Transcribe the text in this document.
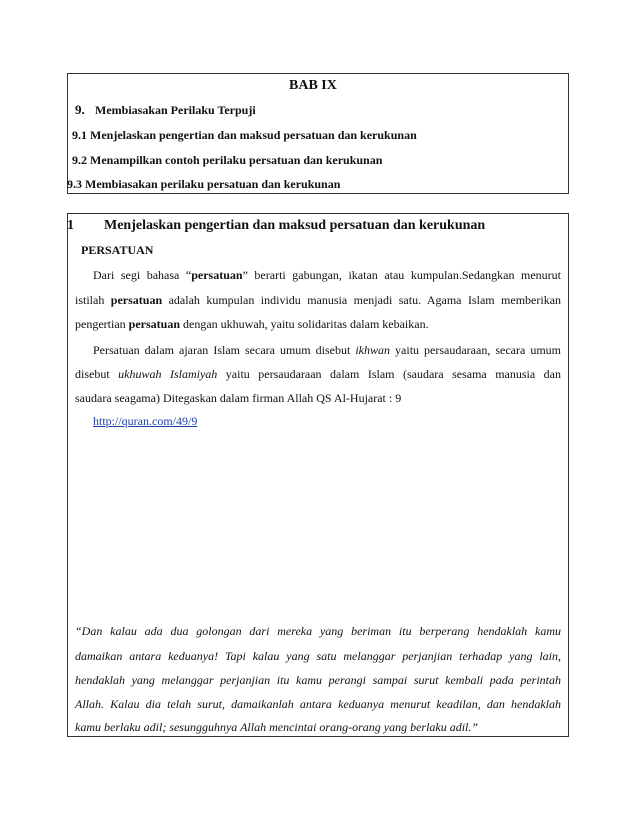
BAB IX
9. Membiasakan Perilaku Terpuji
9.1 Menjelaskan pengertian dan maksud persatuan dan kerukunan
9.2 Menampilkan contoh perilaku persatuan dan kerukunan
9.3 Membiasakan perilaku persatuan dan kerukunan
1 Menjelaskan pengertian dan maksud persatuan dan kerukunan
PERSATUAN
Dari segi bahasa “persatuan” berarti gabungan, ikatan atau kumpulan.Sedangkan menurut
istilah persatuan adalah kumpulan individu manusia menjadi satu. Agama Islam memberikan
pengertian persatuan dengan ukhuwah, yaitu solidaritas dalam kebaikan.
Persatuan dalam ajaran Islam secara umum disebut ikhwan yaitu persaudaraan, secara umum
disebut ukhuwah Islamiyah yaitu persaudaraan dalam Islam (saudara sesama manusia dan
saudara seagama) Ditegaskan dalam firman Allah QS Al-Hujarat : 9
http://quran.com/49/9
“Dan kalau ada dua golongan dari mereka yang beriman itu berperang hendaklah kamu
damaikan antara keduanya! Tapi kalau yang satu melanggar perjanjian terhadap yang lain,
hendaklah yang melanggar perjanjian itu kamu perangi sampai surut kembali pada perintah
Allah. Kalau dia telah surut, damaikanlah antara keduanya menurut keadilan, dan hendaklah
kamu berlaku adil; sesungguhnya Allah mencintai orang-orang yang berlaku adil.”
